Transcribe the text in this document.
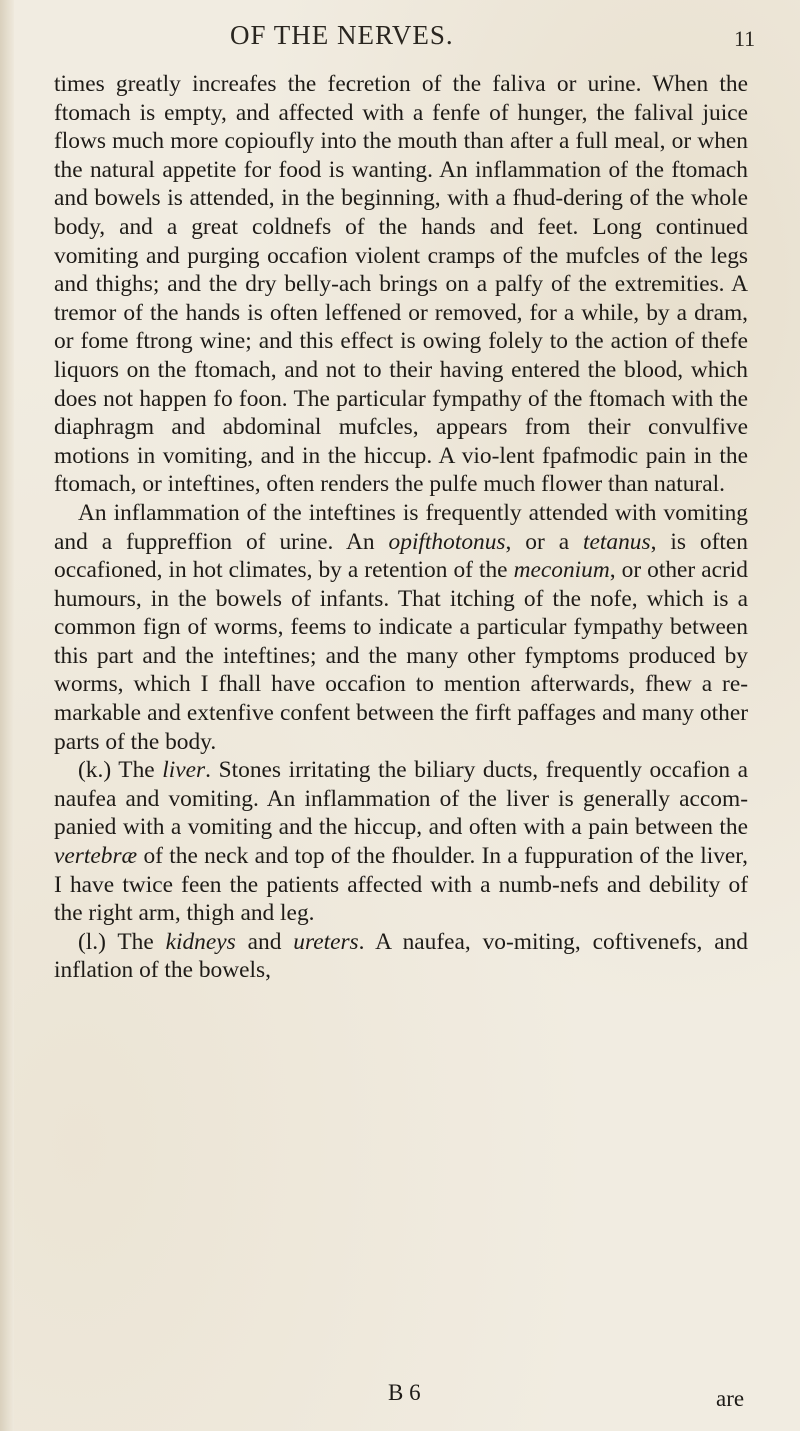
OF THE NERVES.	11

times greatly increafes the fecretion of the faliva or urine. When the ftomach is empty, and affected with a fenfe of hunger, the falival juice flows much more copioufly into the mouth than after a full meal, or when the natural appetite for food is wanting. An inflammation of the ftomach and bowels is attended, in the beginning, with a fhud-dering of the whole body, and a great coldnefs of the hands and feet. Long continued vomiting and purging occafion violent cramps of the mufcles of the legs and thighs; and the dry belly-ach brings on a palfy of the extremities. A tremor of the hands is often leffened or removed, for a while, by a dram, or fome ftrong wine; and this effect is owing folely to the action of thefe liquors on the ftomach, and not to their having entered the blood, which does not happen fo foon. The particular fympathy of the ftomach with the diaphragm and abdominal mufcles, appears from their convulfive motions in vomiting, and in the hiccup. A vio-lent fpafmodic pain in the ftomach, or inteftines, often renders the pulfe much flower than natural.

An inflammation of the inteftines is frequently attended with vomiting and a fuppreffion of urine. An opifthotonus, or a tetanus, is often occafioned, in hot climates, by a retention of the meconium, or other acrid humours, in the bowels of infants. That itching of the nofe, which is a common fign of worms, feems to indicate a particular fympathy between this part and the inteftines; and the many other fymptoms produced by worms, which I fhall have occafion to mention afterwards, fhew a re-markable and extenfive confent between the firft paffages and many other parts of the body.

(k.) The liver. Stones irritating the biliary ducts, frequently occafion a naufea and vomiting. An inflammation of the liver is generally accom-panied with a vomiting and the hiccup, and often with a pain between the vertebræ of the neck and top of the fhoulder. In a fuppuration of the liver, I have twice feen the patients affected with a numb-nefs and debility of the right arm, thigh and leg.

(l.) The kidneys and ureters. A naufea, vo-miting, coftivenefs, and inflation of the bowels,

B 6	are
